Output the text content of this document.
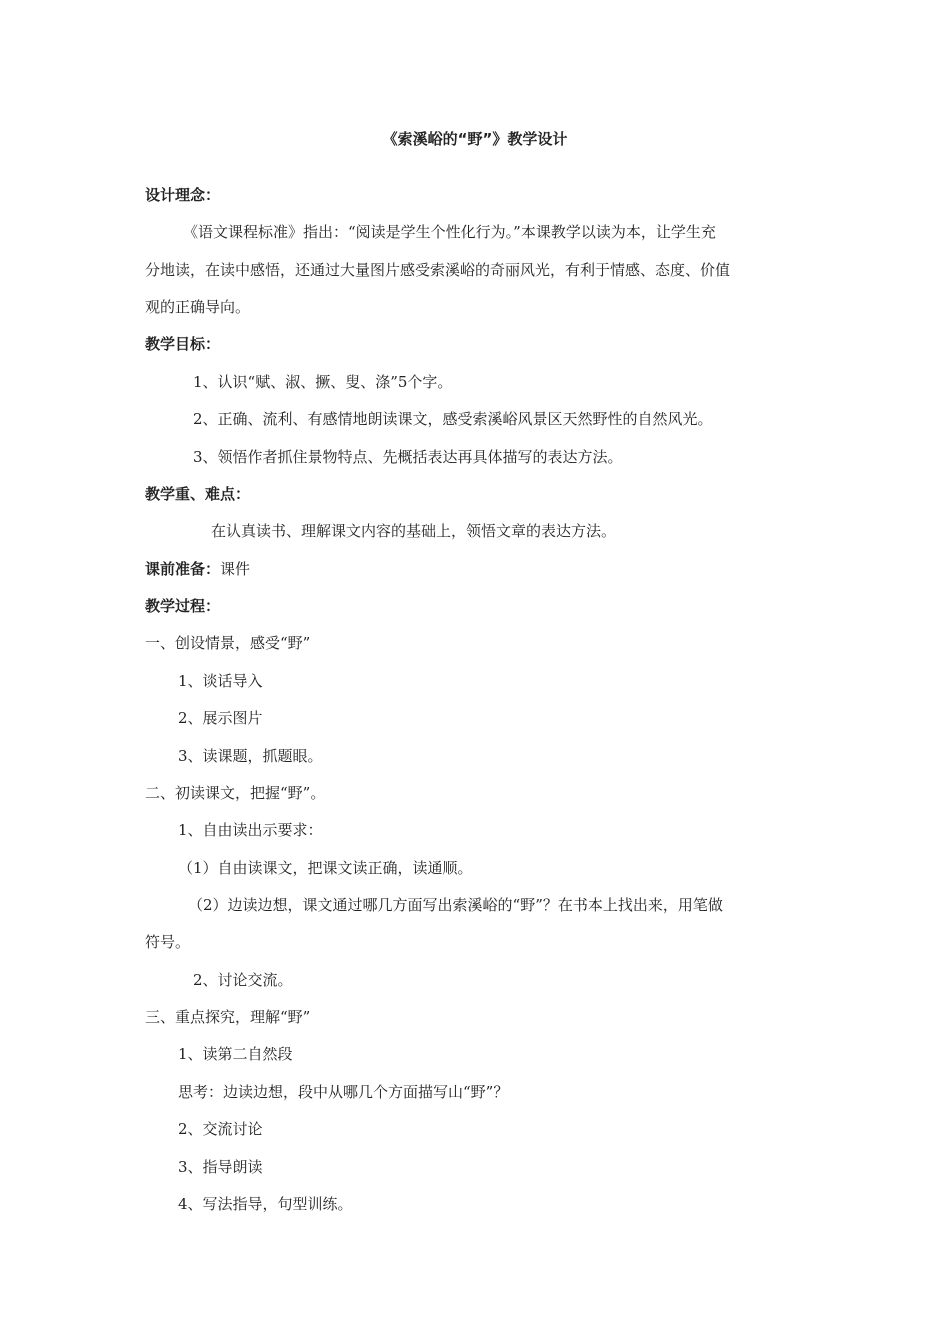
《索溪峪的“野”》教学设计
设计理念：
《语文课程标准》指出：“阅读是学生个性化行为。”本课教学以读为本，让学生充
分地读，在读中感悟，还通过大量图片感受索溪峪的奇丽风光，有利于情感、态度、价值
观的正确导向。
教学目标：
1、认识“赋、淑、撅、叟、涤”5个字。
2、正确、流利、有感情地朗读课文，感受索溪峪风景区天然野性的自然风光。
3、领悟作者抓住景物特点、先概括表达再具体描写的表达方法。
教学重、难点：
在认真读书、理解课文内容的基础上，领悟文章的表达方法。
课前准备：课件
教学过程：
一、创设情景，感受“野”
1、谈话导入
2、展示图片
3、读课题，抓题眼。
二、初读课文，把握“野”。
1、自由读出示要求：
（1）自由读课文，把课文读正确，读通顺。
（2）边读边想，课文通过哪几方面写出索溪峪的“野”？在书本上找出来，用笔做
符号。
2、讨论交流。
三、重点探究，理解“野”
1、读第二自然段
思考：边读边想，段中从哪几个方面描写山“野”？
2、交流讨论
3、指导朗读
4、写法指导，句型训练。
